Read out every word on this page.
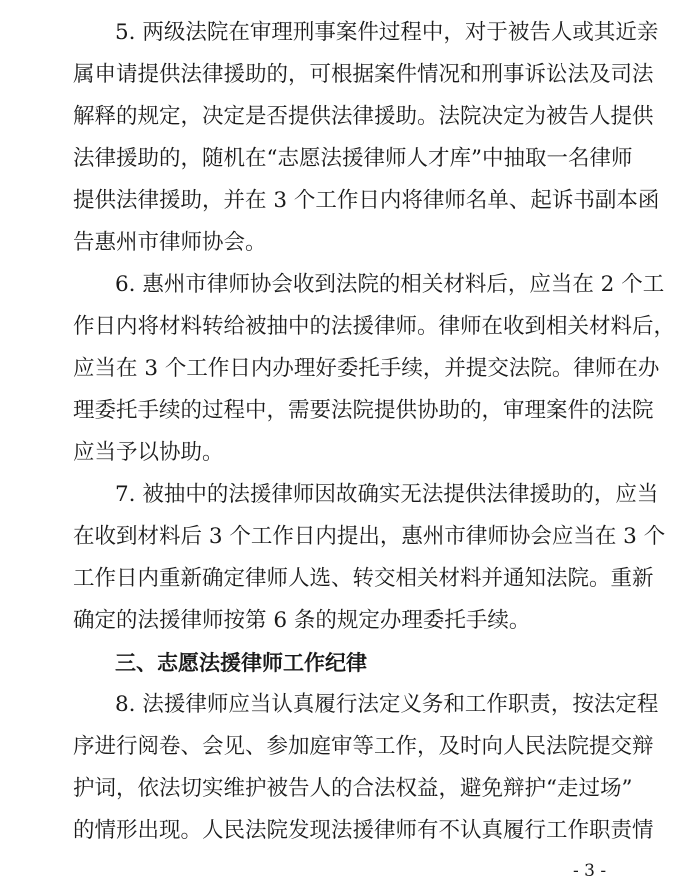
5. 两级法院在审理刑事案件过程中，对于被告人或其近亲
属申请提供法律援助的，可根据案件情况和刑事诉讼法及司法
解释的规定，决定是否提供法律援助。法院决定为被告人提供
法律援助的，随机在“志愿法援律师人才库”中抽取一名律师
提供法律援助，并在 3 个工作日内将律师名单、起诉书副本函
告惠州市律师协会。
6. 惠州市律师协会收到法院的相关材料后，应当在 2 个工
作日内将材料转给被抽中的法援律师。律师在收到相关材料后，
应当在 3 个工作日内办理好委托手续，并提交法院。律师在办
理委托手续的过程中，需要法院提供协助的，审理案件的法院
应当予以协助。
7. 被抽中的法援律师因故确实无法提供法律援助的，应当
在收到材料后 3 个工作日内提出，惠州市律师协会应当在 3 个
工作日内重新确定律师人选、转交相关材料并通知法院。重新
确定的法援律师按第 6 条的规定办理委托手续。
三、志愿法援律师工作纪律
8. 法援律师应当认真履行法定义务和工作职责，按法定程
序进行阅卷、会见、参加庭审等工作，及时向人民法院提交辩
护词，依法切实维护被告人的合法权益，避免辩护“走过场”
的情形出现。人民法院发现法援律师有不认真履行工作职责情
- 3 -
